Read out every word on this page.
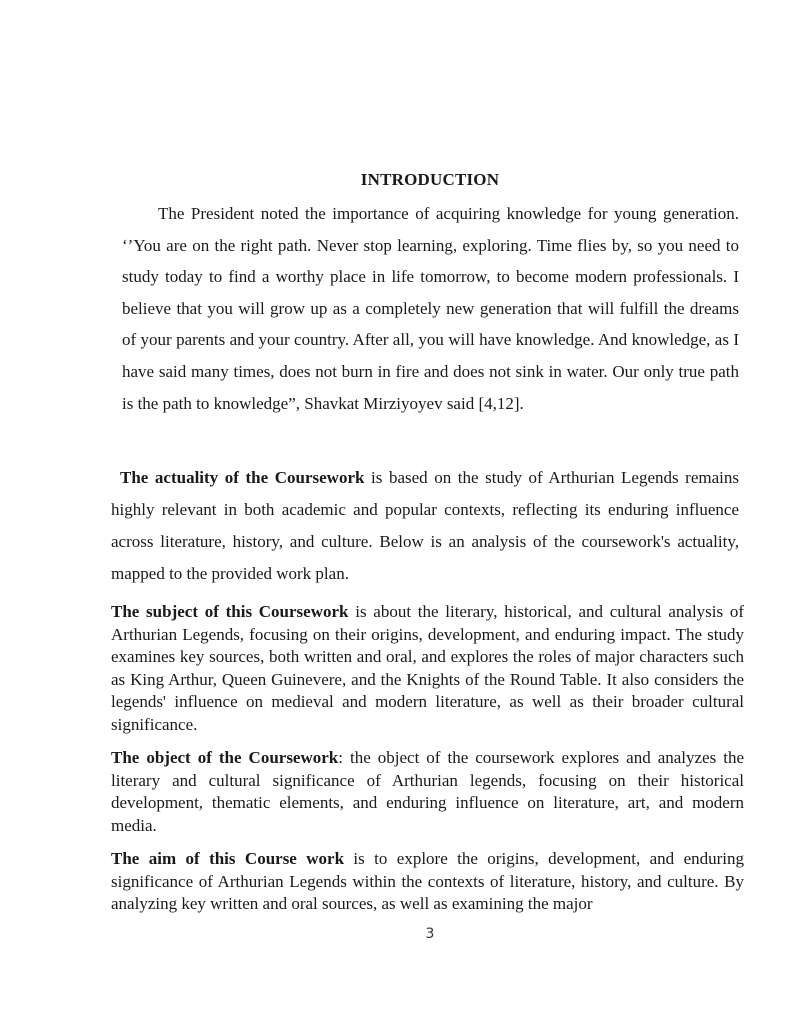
INTRODUCTION

The President noted the importance of acquiring knowledge for young generation. ‘’You are on the right path. Never stop learning, exploring. Time flies by, so you need to study today to find a worthy place in life tomorrow, to become modern professionals. I believe that you will grow up as a completely new generation that will fulfill the dreams of your parents and your country. After all, you will have knowledge. And knowledge, as I have said many times, does not burn in fire and does not sink in water. Our only true path is the path to knowledge”, Shavkat Mirziyoyev said [4,12].

The actuality of the Coursework is based on the study of Arthurian Legends remains highly relevant in both academic and popular contexts, reflecting its enduring influence across literature, history, and culture. Below is an analysis of the coursework's actuality, mapped to the provided work plan.

The subject of this Coursework is about the literary, historical, and cultural analysis of Arthurian Legends, focusing on their origins, development, and enduring impact. The study examines key sources, both written and oral, and explores the roles of major characters such as King Arthur, Queen Guinevere, and the Knights of the Round Table. It also considers the legends' influence on medieval and modern literature, as well as their broader cultural significance.

The object of the Coursework: the object of the coursework explores and analyzes the literary and cultural significance of Arthurian legends, focusing on their historical development, thematic elements, and enduring influence on literature, art, and modern media.

The aim of this Course work is to explore the origins, development, and enduring significance of Arthurian Legends within the contexts of literature, history, and culture. By analyzing key written and oral sources, as well as examining the major

3
